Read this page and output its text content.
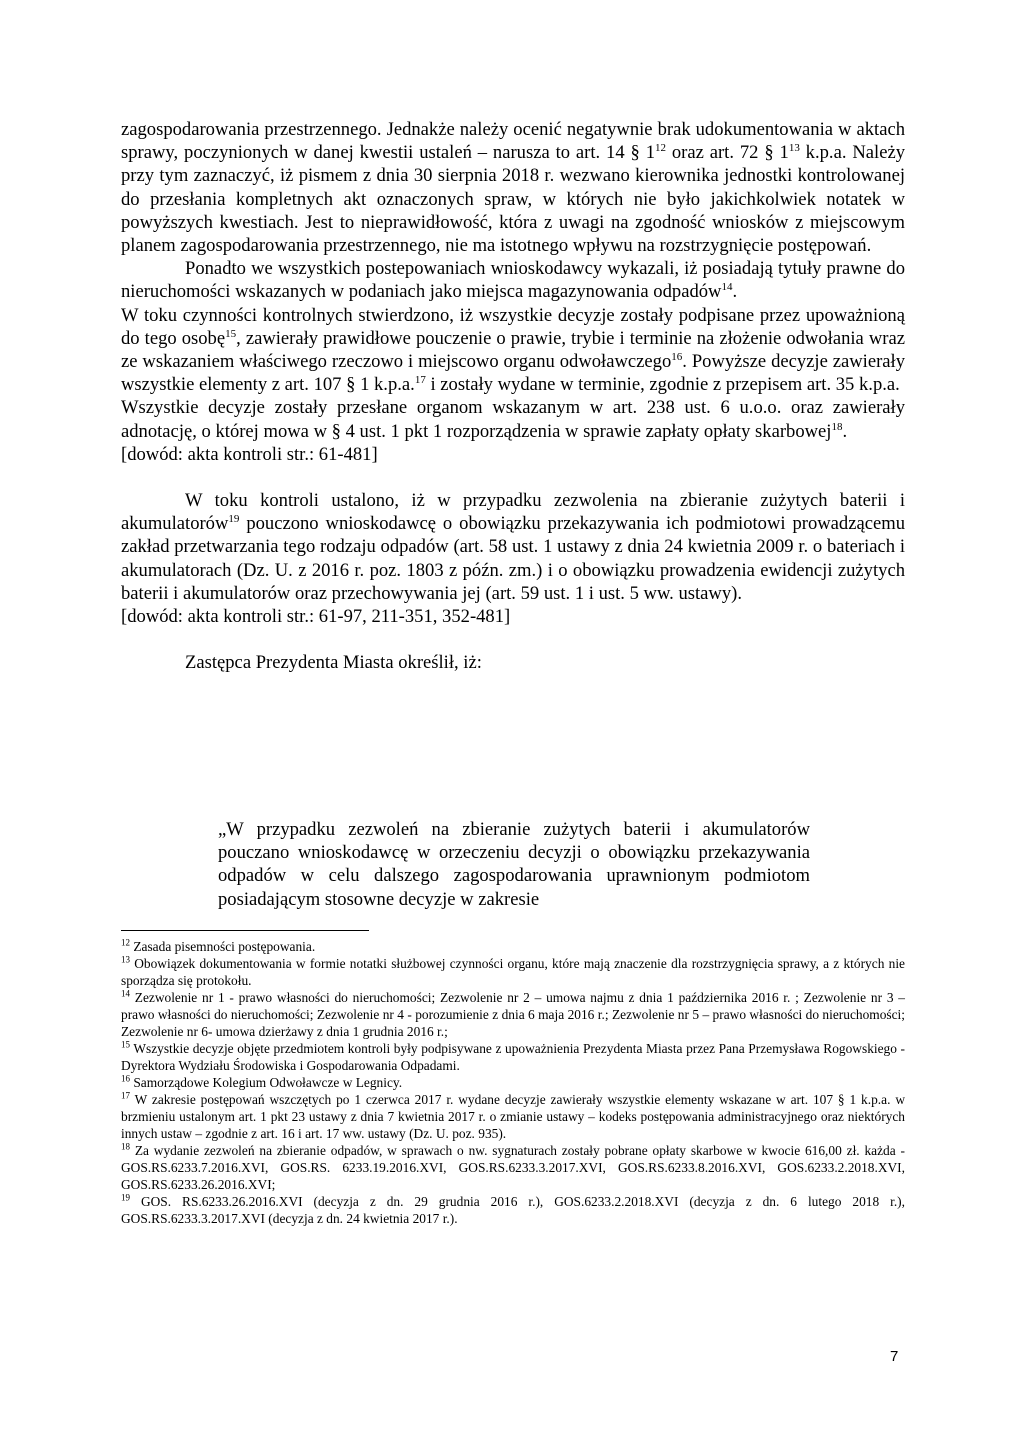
zagospodarowania przestrzennego. Jednakże należy ocenić negatywnie brak udokumentowania w aktach sprawy, poczynionych w danej kwestii ustaleń – narusza to art. 14 § $1^{12}$ oraz art. 72 § $1^{13}$ k.p.a. Należy przy tym zaznaczyć, iż pismem z dnia 30 sierpnia 2018 r. wezwano kierownika jednostki kontrolowanej do przesłania kompletnych akt oznaczonych spraw, w których nie było jakichkolwiek notatek w powyższych kwestiach. Jest to nieprawidłowość, która z uwagi na zgodność wniosków z miejscowym planem zagospodarowania przestrzennego, nie ma istotnego wpływu na rozstrzygnięcie postępowań.

Ponadto we wszystkich postepowaniach wnioskodawcy wykazali, iż posiadają tytuły prawne do nieruchomości wskazanych w podaniach jako miejsca magazynowania odpadów$^{14}$.

W toku czynności kontrolnych stwierdzono, iż wszystkie decyzje zostały podpisane przez upoważnioną do tego osobę$^{15}$, zawierały prawidłowe pouczenie o prawie, trybie i terminie na złożenie odwołania wraz ze wskazaniem właściwego rzeczowo i miejscowo organu odwoławczego$^{16}$. Powyższe decyzje zawierały wszystkie elementy z art. 107 § 1 k.p.a.$^{17}$ i zostały wydane w terminie, zgodnie z przepisem art. 35 k.p.a.

Wszystkie decyzje zostały przesłane organom wskazanym w art. 238 ust. 6 u.o.o. oraz zawierały adnotację, o której mowa w § 4 ust. 1 pkt 1 rozporządzenia w sprawie zapłaty opłaty skarbowej$^{18}$.

[dowód: akta kontroli str.: 61-481]

W toku kontroli ustalono, iż w przypadku zezwolenia na zbieranie zużytych baterii i akumulatorów$^{19}$ pouczono wnioskodawcę o obowiązku przekazywania ich podmiotowi prowadzącemu zakład przetwarzania tego rodzaju odpadów (art. 58 ust. 1 ustawy z dnia 24 kwietnia 2009 r. o bateriach i akumulatorach (Dz. U. z 2016 r. poz. 1803 z późn. zm.) i o obowiązku prowadzenia ewidencji zużytych baterii i akumulatorów oraz przechowywania jej (art. 59 ust. 1 i ust. 5 ww. ustawy).

[dowód: akta kontroli str.: 61-97, 211-351, 352-481]

Zastępca Prezydenta Miasta określił, iż:

„W przypadku zezwoleń na zbieranie zużytych baterii i akumulatorów pouczano wnioskodawcę w orzeczeniu decyzji o obowiązku przekazywania odpadów w celu dalszego zagospodarowania uprawnionym podmiotom posiadającym stosowne decyzje w zakresie

$^{12}$ Zasada pisemności postępowania.

$^{13}$ Obowiązek dokumentowania w formie notatki służbowej czynności organu, które mają znaczenie dla rozstrzygnięcia sprawy, a z których nie sporządza się protokołu.

$^{14}$ Zezwolenie nr 1 - prawo własności do nieruchomości; Zezwolenie nr 2 – umowa najmu z dnia 1 października 2016 r. ; Zezwolenie nr 3 – prawo własności do nieruchomości; Zezwolenie nr 4 - porozumienie z dnia 6 maja 2016 r.; Zezwolenie nr 5 – prawo własności do nieruchomości; Zezwolenie nr 6- umowa dzierżawy z dnia 1 grudnia 2016 r.;

$^{15}$ Wszystkie decyzje objęte przedmiotem kontroli były podpisywane z upoważnienia Prezydenta Miasta przez Pana Przemysława Rogowskiego - Dyrektora Wydziału Środowiska i Gospodarowania Odpadami.

$^{16}$ Samorządowe Kolegium Odwoławcze w Legnicy.

$^{17}$ W zakresie postępowań wszczętych po 1 czerwca 2017 r. wydane decyzje zawierały wszystkie elementy wskazane w art. 107 § 1 k.p.a. w brzmieniu ustalonym art. 1 pkt 23 ustawy z dnia 7 kwietnia 2017 r. o zmianie ustawy – kodeks postępowania administracyjnego oraz niektórych innych ustaw – zgodnie z art. 16 i art. 17 ww. ustawy (Dz. U. poz. 935).

$^{18}$ Za wydanie zezwoleń na zbieranie odpadów, w sprawach o nw. sygnaturach zostały pobrane opłaty skarbowe w kwocie 616,00 zł. każda -GOS.RS.6233.7.2016.XVI, GOS.RS. 6233.19.2016.XVI, GOS.RS.6233.3.2017.XVI, GOS.RS.6233.8.2016.XVI, GOS.6233.2.2018.XVI, GOS.RS.6233.26.2016.XVI;

$^{19}$ GOS. RS.6233.26.2016.XVI (decyzja z dn. 29 grudnia 2016 r.), GOS.6233.2.2018.XVI (decyzja z dn. 6 lutego 2018 r.), GOS.RS.6233.3.2017.XVI (decyzja z dn. 24 kwietnia 2017 r.).

7
